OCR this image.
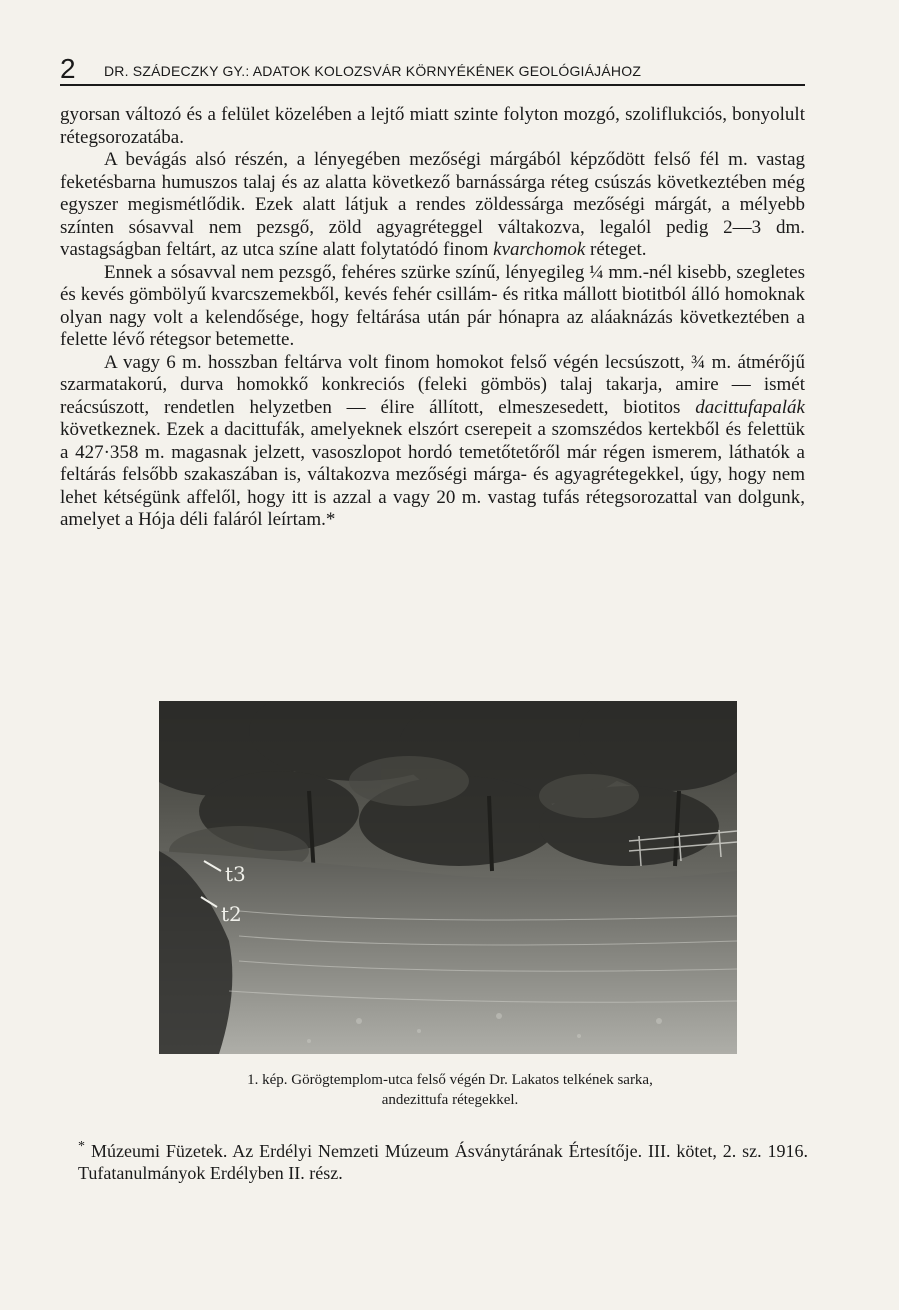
2	DR. SZÁDECZKY GY.: ADATOK KOLOZSVÁR KÖRNYÉKÉNEK GEOLÓGIÁJÁHOZ

gyorsan változó és a felület közelében a lejtő miatt szinte folyton mozgó, szoliflukciós, bonyolult rétegsorozatába.

A bevágás alsó részén, a lényegében mezőségi márgából képződött felső fél m. vastag feketésbarna humuszos talaj és az alatta következő barnássárga réteg csúszás következtében még egyszer megismétlődik. Ezek alatt látjuk a rendes zöldessárga mezőségi márgát, a mélyebb színten sósavval nem pezsgő, zöld agyagréteggel váltakozva, legalól pedig 2—3 dm. vastagságban feltárt, az utca színe alatt folytatódó finom kvarchomok réteget.

Ennek a sósavval nem pezsgő, fehéres szürke színű, lényegileg ¼ mm.-nél kisebb, szegletes és kevés gömbölyű kvarcszemekből, kevés fehér csillám- és ritka mállott biotitból álló homoknak olyan nagy volt a kelendősége, hogy feltárása után pár hónapra az aláaknázás következtében a felette lévő rétegsor betemette.

A vagy 6 m. hosszban feltárva volt finom homokot felső végén lecsúszott, ¾ m. átmérőjű szarmatakorú, durva homokkő konkreciós (feleki gömbös) talaj takarja, amire — ismét reácsúszott, rendetlen helyzetben — élire állított, elmeszesedett, biotitos dacittufapalák következnek. Ezek a dacittufák, amelyeknek elszórt cserepeit a szomszédos kertekből és felettük a 427·358 m. magasnak jelzett, vasoszlopot hordó temetőtetőről már régen ismerem, láthatók a feltárás felsőbb szakaszában is, váltakozva mezőségi márga- és agyagrétegekkel, úgy, hogy nem lehet kétségünk affelől, hogy itt is azzal a vagy 20 m. vastag tufás rétegsorozattal van dolgunk, amelyet a Hója déli faláról leírtam.*

t3
t2
1. kép. Görögtemplom-utca felső végén Dr. Lakatos telkének sarka,
andezittufa rétegekkel.
* Múzeumi Füzetek. Az Erdélyi Nemzeti Múzeum Ásványtárának Értesítője. III. kötet, 2. sz. 1916. Tufatanulmányok Erdélyben II. rész.
